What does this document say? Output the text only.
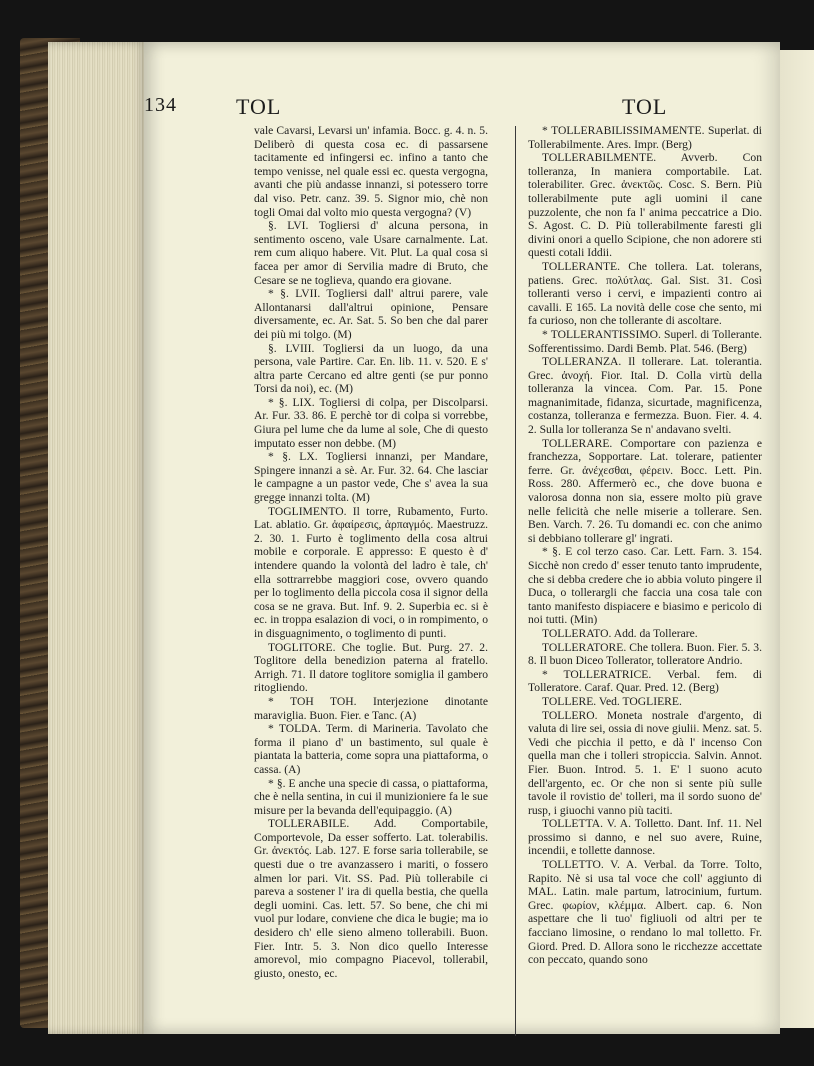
134	TOL	TOL

vale Cavarsi, Levarsi un' infamia. Bocc. g. 4. n. 5. Deliberò di questa cosa ec. di passarsene tacitamente ed infingersi ec. infino a tanto che tempo venisse, nel quale essi ec. questa vergogna, avanti che più andasse innanzi, si potessero torre dal viso. Petr. canz. 39. 5. Signor mio, chè non togli Omai dal volto mio questa vergogna? (V)

§. LVI. Togliersi d' alcuna persona, in sentimento osceno, vale Usare carnalmente. Lat. rem cum aliquo habere. Vit. Plut. La qual cosa si facea per amor di Servilia madre di Bruto, che Cesare se ne toglieva, quando era giovane.

* §. LVII. Togliersi dall' altrui parere, vale Allontanarsi dall'altrui opinione, Pensare diversamente, ec. Ar. Sat. 5. So ben che dal parer dei più mi tolgo. (M)

§. LVIII. Togliersi da un luogo, da una persona, vale Partire. Car. En. lib. 11. v. 520. E s' altra parte Cercano ed altre genti (se pur ponno Torsi da noi), ec. (M)

* §. LIX. Togliersi di colpa, per Discolparsi. Ar. Fur. 33. 86. E perchè tor di colpa si vorrebbe, Giura pel lume che da lume al sole, Che di questo imputato esser non debbe. (M)

* §. LX. Togliersi innanzi, per Mandare, Spingere innanzi a sè. Ar. Fur. 32. 64. Che lasciar le campagne a un pastor vede, Che s' avea la sua gregge innanzi tolta. (M)

TOGLIMENTO. Il torre, Rubamento, Furto. Lat. ablatio. Gr. ἀφαίρεσις, ἁρπαγμός. Maestruzz. 2. 30. 1. Furto è toglimento della cosa altrui mobile e corporale. E appresso: E questo è d' intendere quando la volontà del ladro è tale, ch' ella sottrarrebbe maggiori cose, ovvero quando per lo toglimento della piccola cosa il signor della cosa se ne grava. But. Inf. 9. 2. Superbia ec. si è ec. in troppa esalazion di voci, o in rompimento, o in disguagnimento, o toglimento di punti.

TOGLITORE. Che toglie. But. Purg. 27. 2. Toglitore della benedizion paterna al fratello. Arrigh. 71. Il datore toglitore somiglia il gambero ritogliendo.

* TOH TOH. Interjezione dinotante maraviglia. Buon. Fier. e Tanc. (A)

* TOLDA. Term. di Marineria. Tavolato che forma il piano d' un bastimento, sul quale è piantata la batteria, come sopra una piattaforma, o cassa. (A)

* §. E anche una specie di cassa, o piattaforma, che è nella sentina, in cui il munizioniere fa le sue misure per la bevanda dell'equipaggio. (A)

TOLLERABILE. Add. Comportabile, Comportevole, Da esser sofferto. Lat. tolerabilis. Gr. ἀνεκτός. Lab. 127. E forse saria tollerabile, se questi due o tre avanzassero i mariti, o fossero almen lor pari. Vit. SS. Pad. Più tollerabile ci pareva a sostener l' ira di quella bestia, che quella degli uomini. Cas. lett. 57. So bene, che chi mi vuol pur lodare, conviene che dica le bugie; ma io desidero ch' elle sieno almeno tollerabili. Buon. Fier. Intr. 5. 3. Non dico quello Interesse amorevol, mio compagno Piacevol, tollerabil, giusto, onesto, ec.

* TOLLERABILISSIMAMENTE. Superlat. di Tollerabilmente. Ares. Impr. (Berg)

TOLLERABILMENTE. Avverb. Con tolleranza, In maniera comportabile. Lat. tolerabiliter. Grec. ἀνεκτῶς. Cosc. S. Bern. Più tollerabilmente pute agli uomini il cane puzzolente, che non fa l' anima peccatrice a Dio. S. Agost. C. D. Più tollerabilmente faresti gli divini onori a quello Scipione, che non adorere sti questi cotali Iddii.

TOLLERANTE. Che tollera. Lat. tolerans, patiens. Grec. πολύτλας. Gal. Sist. 31. Così tolleranti verso i cervi, e impazienti contro ai cavalli. E 165. La novità delle cose che sento, mi fa curioso, non che tollerante di ascoltare.

* TOLLERANTISSIMO. Superl. di Tollerante. Sofferentissimo. Dardi Bemb. Plat. 546. (Berg)

TOLLERANZA. Il tollerare. Lat. tolerantia. Grec. ἀνοχή. Fior. Ital. D. Colla virtù della tolleranza la vincea. Com. Par. 15. Pone magnanimitade, fidanza, sicurtade, magnificenza, costanza, tolleranza e fermezza. Buon. Fier. 4. 4. 2. Sulla lor tolleranza Se n' andavano svelti.

TOLLERARE. Comportare con pazienza e franchezza, Sopportare. Lat. tolerare, patienter ferre. Gr. ἀνέχεσθαι, φέρειν. Bocc. Lett. Pin. Ross. 280. Affermerò ec., che dove buona e valorosa donna non sia, essere molto più grave nelle felicità che nelle miserie a tollerare. Sen. Ben. Varch. 7. 26. Tu domandi ec. con che animo si debbiano tollerare gl' ingrati.

* §. E col terzo caso. Car. Lett. Farn. 3. 154. Sicchè non credo d' esser tenuto tanto imprudente, che si debba credere che io abbia voluto pingere il Duca, o tollerargli che faccia una cosa tale con tanto manifesto dispiacere e biasimo e pericolo di noi tutti. (Min)

TOLLERATO. Add. da Tollerare.

TOLLERATORE. Che tollera. Buon. Fier. 5. 3. 8. Il buon Diceo Tollerator, tolleratore Andrio.

* TOLLERATRICE. Verbal. fem. di Tolleratore. Caraf. Quar. Pred. 12. (Berg)

TOLLERE. Ved. TOGLIERE.

TOLLERO. Moneta nostrale d'argento, di valuta di lire sei, ossia di nove giulii. Menz. sat. 5. Vedi che picchia il petto, e dà l' incenso Con quella man che i tolleri stropiccia. Salvin. Annot. Fier. Buon. Introd. 5. 1. E' l suono acuto dell'argento, ec. Or che non si sente più sulle tavole il rovistio de' tolleri, ma il sordo suono de' rusp, i giuochi vanno più taciti.

TOLLETTA. V. A. Tolletto. Dant. Inf. 11. Nel prossimo si danno, e nel suo avere, Ruine, incendii, e tollette dannose.

TOLLETTO. V. A. Verbal. da Torre. Tolto, Rapito. Nè si usa tal voce che coll' aggiunto di MAL. Latin. male partum, latrocinium, furtum. Grec. φωρίον, κλέμμα. Albert. cap. 6. Non aspettare che li tuo' figliuoli od altri per te facciano limosine, o rendano lo mal tolletto. Fr. Giord. Pred. D. Allora sono le ricchezze accettate con peccato, quando sono
